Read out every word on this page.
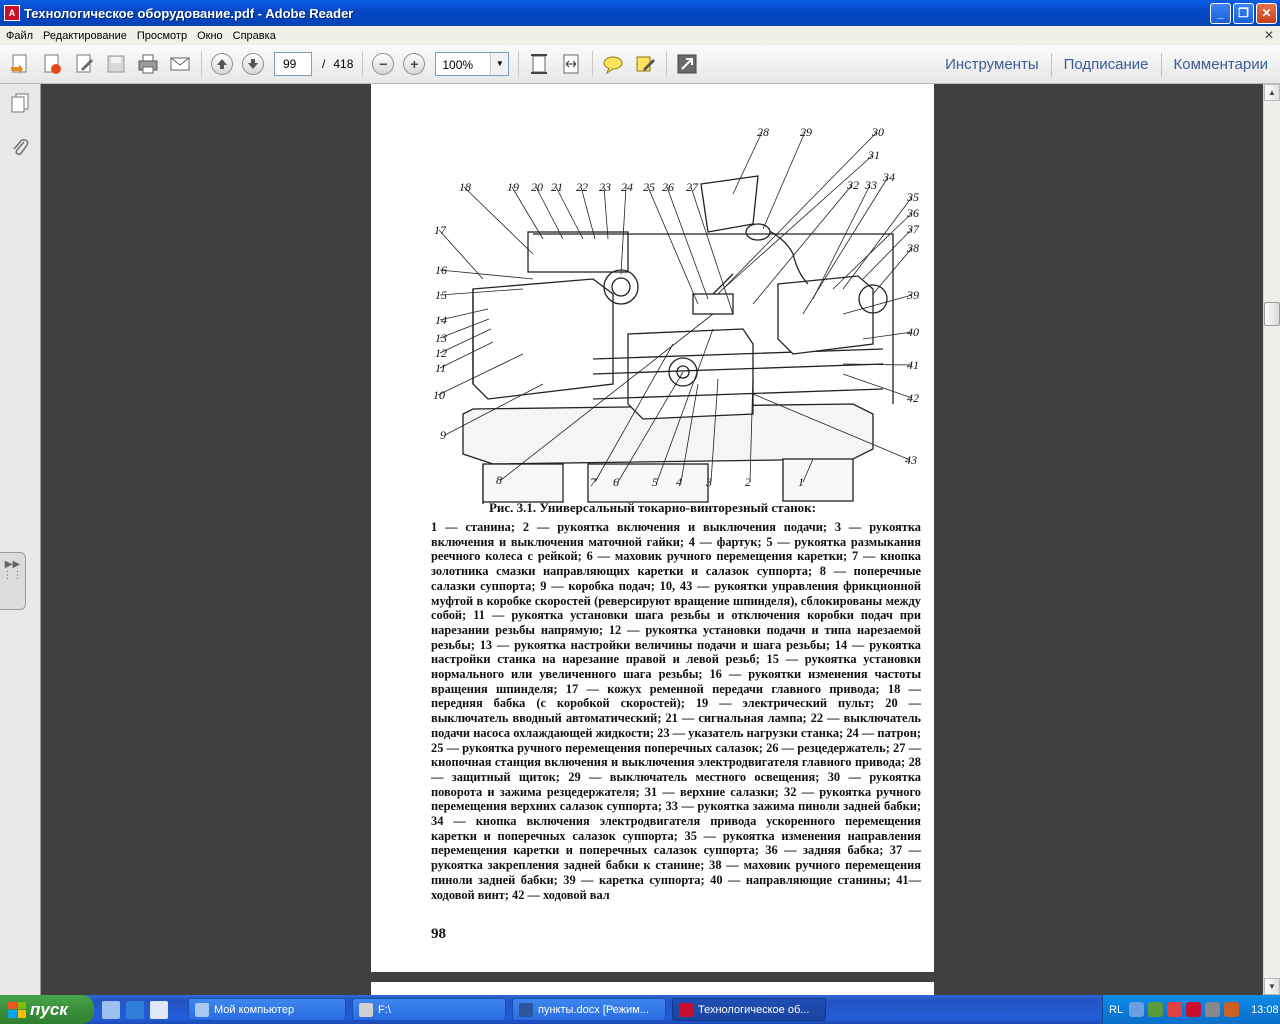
A Технологическое оборудование.pdf - Adobe Reader	_	❐	✕
Файл Редактирование Просмотр Окно Справка	✕
99	/ 418	−	+	100%	▼	Инструменты	Подписание	Комментарии
▶▶
⋮⋮
1
2
3
4
5
6
7
8
9
10
11
12
13
14
15
16
17
18	19 20 21 22 23 24 25 26 27
28	29	30
31
32 33
34
35
36
37
38
39
40
41
42
43
Рис. 3.1. Универсальный токарно-винторезный станок:
1 — станина; 2 — рукоятка включения и выключения подачи; 3 — рукоятка включения и выключения маточной гайки; 4 — фартук; 5 — рукоятка размыкания реечного колеса с рейкой; 6 — маховик ручного перемещения каретки; 7 — кнопка золотника смазки направляющих каретки и салазок суппорта; 8 — поперечные салазки суппорта; 9 — коробка подач; 10, 43 — рукоятки управления фрикционной муфтой в коробке скоростей (реверсируют вращение шпинделя), сблокированы между собой; 11 — рукоятка установки шага резьбы и отключения коробки подач при нарезании резьбы напрямую; 12 — рукоятка установки подачи и типа нарезаемой резьбы; 13 — рукоятка настройки величины подачи и шага резьбы; 14 — рукоятка настройки станка на нарезание правой и левой резьб; 15 — рукоятка установки нормального или увеличенного шага резьбы; 16 — рукоятки изменения частоты вращения шпинделя; 17 — кожух ременной передачи главного привода; 18 — передняя бабка (с коробкой скоростей); 19 — электрический пульт; 20 — выключатель вводный автоматический; 21 — сигнальная лампа; 22 — выключатель подачи насоса охлаждающей жидкости; 23 — указатель нагрузки станка; 24 — патрон; 25 — рукоятка ручного перемещения поперечных салазок; 26 — резцедержатель; 27 — кнопочная станция включения и выключения электродвигателя главного привода; 28 — защитный щиток; 29 — выключатель местного освещения; 30 — рукоятка поворота и зажима резцедержателя; 31 — верхние салазки; 32 — рукоятка ручного перемещения верхних салазок суппорта; 33 — рукоятка зажима пиноли задней бабки; 34 — кнопка включения электродвигателя привода ускоренного перемещения каретки и поперечных салазок суппорта; 35 — рукоятка изменения направления перемещения каретки и поперечных салазок суппорта; 36 — задняя бабка; 37 — рукоятка закрепления задней бабки к станине; 38 — маховик ручного перемещения пиноли задней бабки; 39 — каретка суппорта; 40 — направляющие станины; 41— ходовой винт; 42 — ходовой вал
98
▲
▼
пуск	Мой компьютер	F:\	пункты.docx [Режим...	Технологическое об...	RL	13:08
